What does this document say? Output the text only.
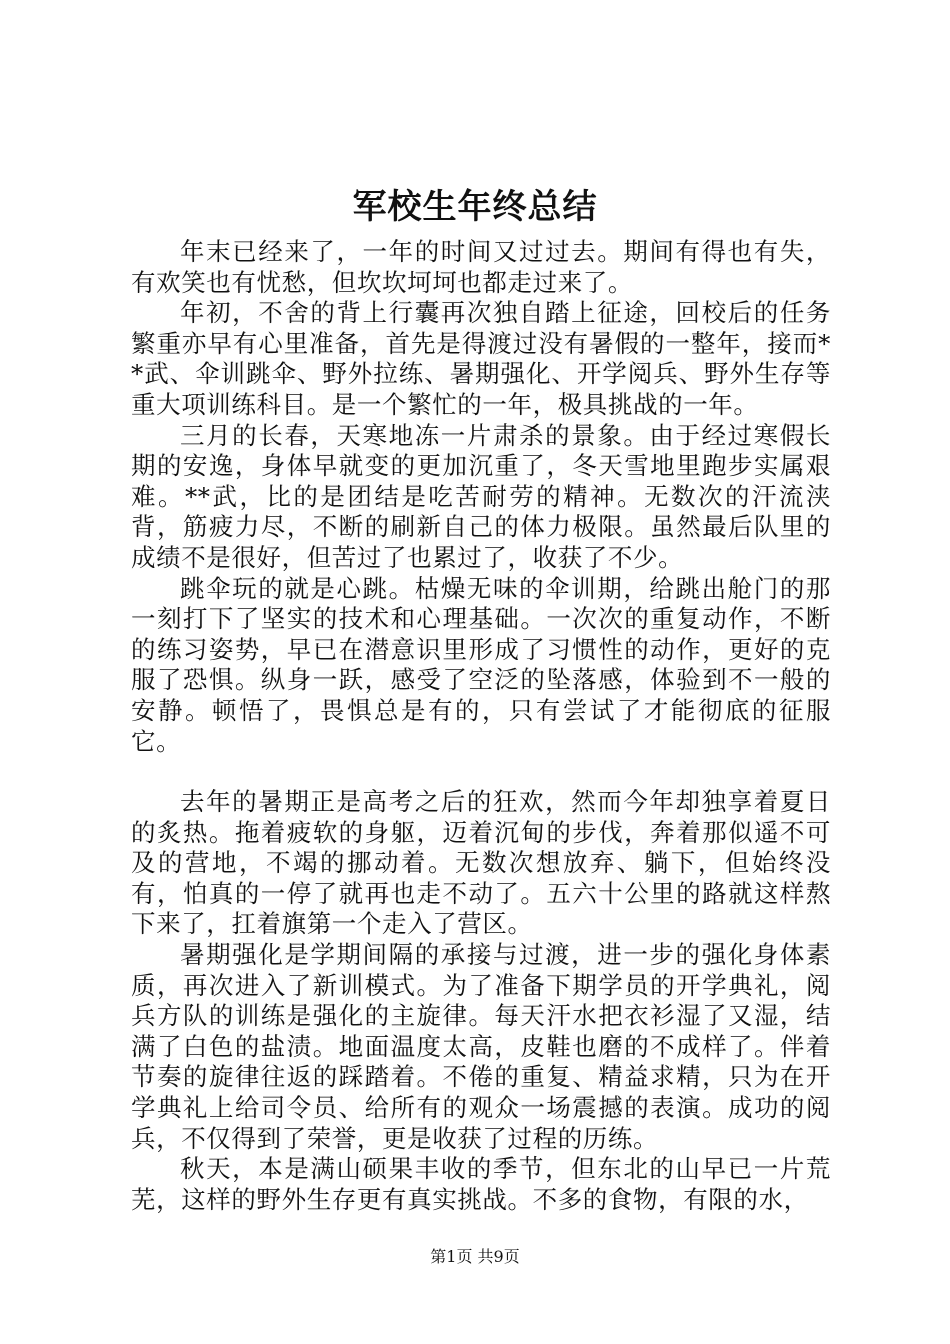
军校生年终总结

年末已经来了，一年的时间又过过去。期间有得也有失，有欢笑也有忧愁，但坎坎坷坷也都走过来了。

年初，不舍的背上行囊再次独自踏上征途，回校后的任务繁重亦早有心里准备，首先是得渡过没有暑假的一整年，接而**武、伞训跳伞、野外拉练、暑期强化、开学阅兵、野外生存等重大项训练科目。是一个繁忙的一年，极具挑战的一年。

三月的长春，天寒地冻一片肃杀的景象。由于经过寒假长期的安逸，身体早就变的更加沉重了，冬天雪地里跑步实属艰难。**武，比的是团结是吃苦耐劳的精神。无数次的汗流浃背，筋疲力尽，不断的刷新自己的体力极限。虽然最后队里的成绩不是很好，但苦过了也累过了，收获了不少。

跳伞玩的就是心跳。枯燥无味的伞训期，给跳出舱门的那一刻打下了坚实的技术和心理基础。一次次的重复动作，不断的练习姿势，早已在潜意识里形成了习惯性的动作，更好的克服了恐惧。纵身一跃，感受了空泛的坠落感，体验到不一般的安静。顿悟了，畏惧总是有的，只有尝试了才能彻底的征服它。

去年的暑期正是高考之后的狂欢，然而今年却独享着夏日的炙热。拖着疲软的身躯，迈着沉甸的步伐，奔着那似遥不可及的营地，不竭的挪动着。无数次想放弃、躺下，但始终没有，怕真的一停了就再也走不动了。五六十公里的路就这样熬下来了，扛着旗第一个走入了营区。

暑期强化是学期间隔的承接与过渡，进一步的强化身体素质，再次进入了新训模式。为了准备下期学员的开学典礼，阅兵方队的训练是强化的主旋律。每天汗水把衣衫湿了又湿，结满了白色的盐渍。地面温度太高，皮鞋也磨的不成样了。伴着节奏的旋律往返的踩踏着。不倦的重复、精益求精，只为在开学典礼上给司令员、给所有的观众一场震撼的表演。成功的阅兵，不仅得到了荣誉，更是收获了过程的历练。

秋天，本是满山硕果丰收的季节，但东北的山早已一片荒芜，这样的野外生存更有真实挑战。不多的食物，有限的水，

第1页 共9页
